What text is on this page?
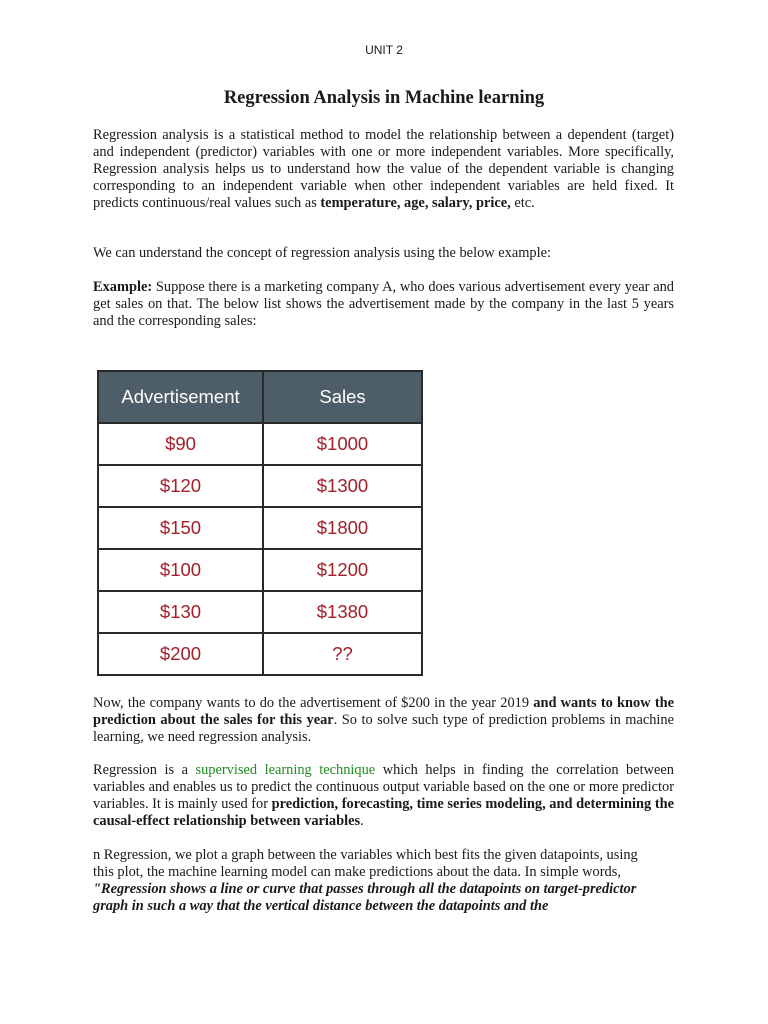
UNIT 2
Regression Analysis in Machine learning

Regression analysis is a statistical method to model the relationship between a dependent (target) and independent (predictor) variables with one or more independent variables. More specifically, Regression analysis helps us to understand how the value of the dependent variable is changing corresponding to an independent variable when other independent variables are held fixed. It predicts continuous/real values such as temperature, age, salary, price, etc.

We can understand the concept of regression analysis using the below example:

Example: Suppose there is a marketing company A, who does various advertisement every year and get sales on that. The below list shows the advertisement made by the company in the last 5 years and the corresponding sales:

Advertisement	Sales
$90	$1000
$120	$1300
$150	$1800
$100	$1200
$130	$1380
$200	??

Now, the company wants to do the advertisement of $200 in the year 2019 and wants to know the prediction about the sales for this year. So to solve such type of prediction problems in machine learning, we need regression analysis.

Regression is a supervised learning technique which helps in finding the correlation between variables and enables us to predict the continuous output variable based on the one or more predictor variables. It is mainly used for prediction, forecasting, time series modeling, and determining the causal-effect relationship between variables.

n Regression, we plot a graph between the variables which best fits the given datapoints, using this plot, the machine learning model can make predictions about the data. In simple words, "Regression shows a line or curve that passes through all the datapoints on target-predictor graph in such a way that the vertical distance between the datapoints and the
